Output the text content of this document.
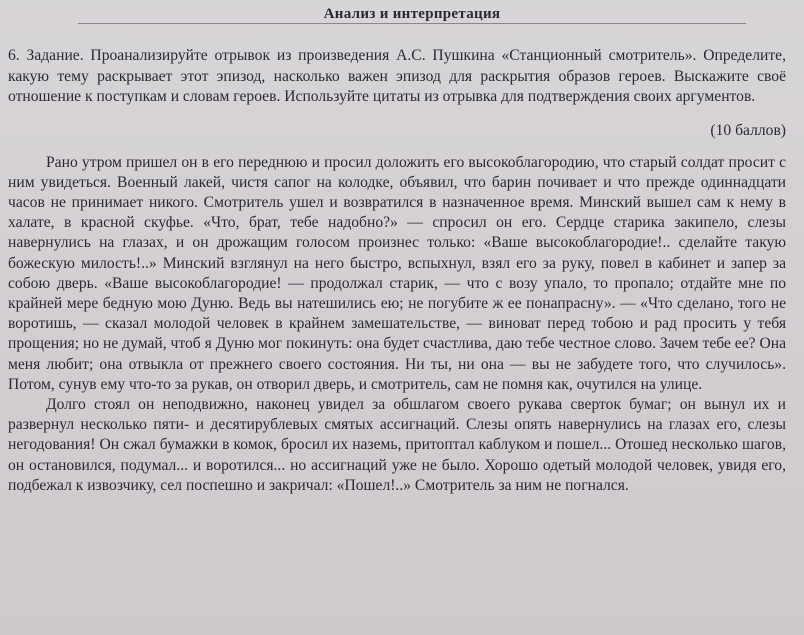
Анализ и интерпретация
6. Задание. Проанализируйте отрывок из произведения А.С. Пушкина «Станционный смотритель». Определите, какую тему раскрывает этот эпизод, насколько важен эпизод для раскрытия образов героев. Выскажите своё отношение к поступкам и словам героев. Используйте цитаты из отрывка для подтверждения своих аргументов.
(10 баллов)

Рано утром пришел он в его переднюю и просил доложить его высокоблагородию, что старый солдат просит с ним увидеться. Военный лакей, чистя сапог на колодке, объявил, что барин почивает и что прежде одиннадцати часов не принимает никого. Смотритель ушел и возвратился в назначенное время. Минский вышел сам к нему в халате, в красной скуфье. «Что, брат, тебе надобно?» — спросил он его. Сердце старика закипело, слезы навернулись на глазах, и он дрожащим голосом произнес только: «Ваше высокоблагородие!.. сделайте такую божескую милость!..» Минский взглянул на него быстро, вспыхнул, взял его за руку, повел в кабинет и запер за собою дверь. «Ваше высокоблагородие! — продолжал старик, — что с возу упало, то пропало; отдайте мне по крайней мере бедную мою Дуню. Ведь вы натешились ею; не погубите ж ее понапрасну». — «Что сделано, того не воротишь, — сказал молодой человек в крайнем замешательстве, — виноват перед тобою и рад просить у тебя прощения; но не думай, чтоб я Дуню мог покинуть: она будет счастлива, даю тебе честное слово. Зачем тебе ее? Она меня любит; она отвыкла от прежнего своего состояния. Ни ты, ни она — вы не забудете того, что случилось». Потом, сунув ему что-то за рукав, он отворил дверь, и смотритель, сам не помня как, очутился на улице.

Долго стоял он неподвижно, наконец увидел за обшлагом своего рукава сверток бумаг; он вынул их и развернул несколько пяти- и десятирублевых смятых ассигнаций. Слезы опять навернулись на глазах его, слезы негодования! Он сжал бумажки в комок, бросил их наземь, притоптал каблуком и пошел... Отошед несколько шагов, он остановился, подумал... и воротился... но ассигнаций уже не было. Хорошо одетый молодой человек, увидя его, подбежал к извозчику, сел поспешно и закричал: «Пошел!..» Смотритель за ним не погнался.
